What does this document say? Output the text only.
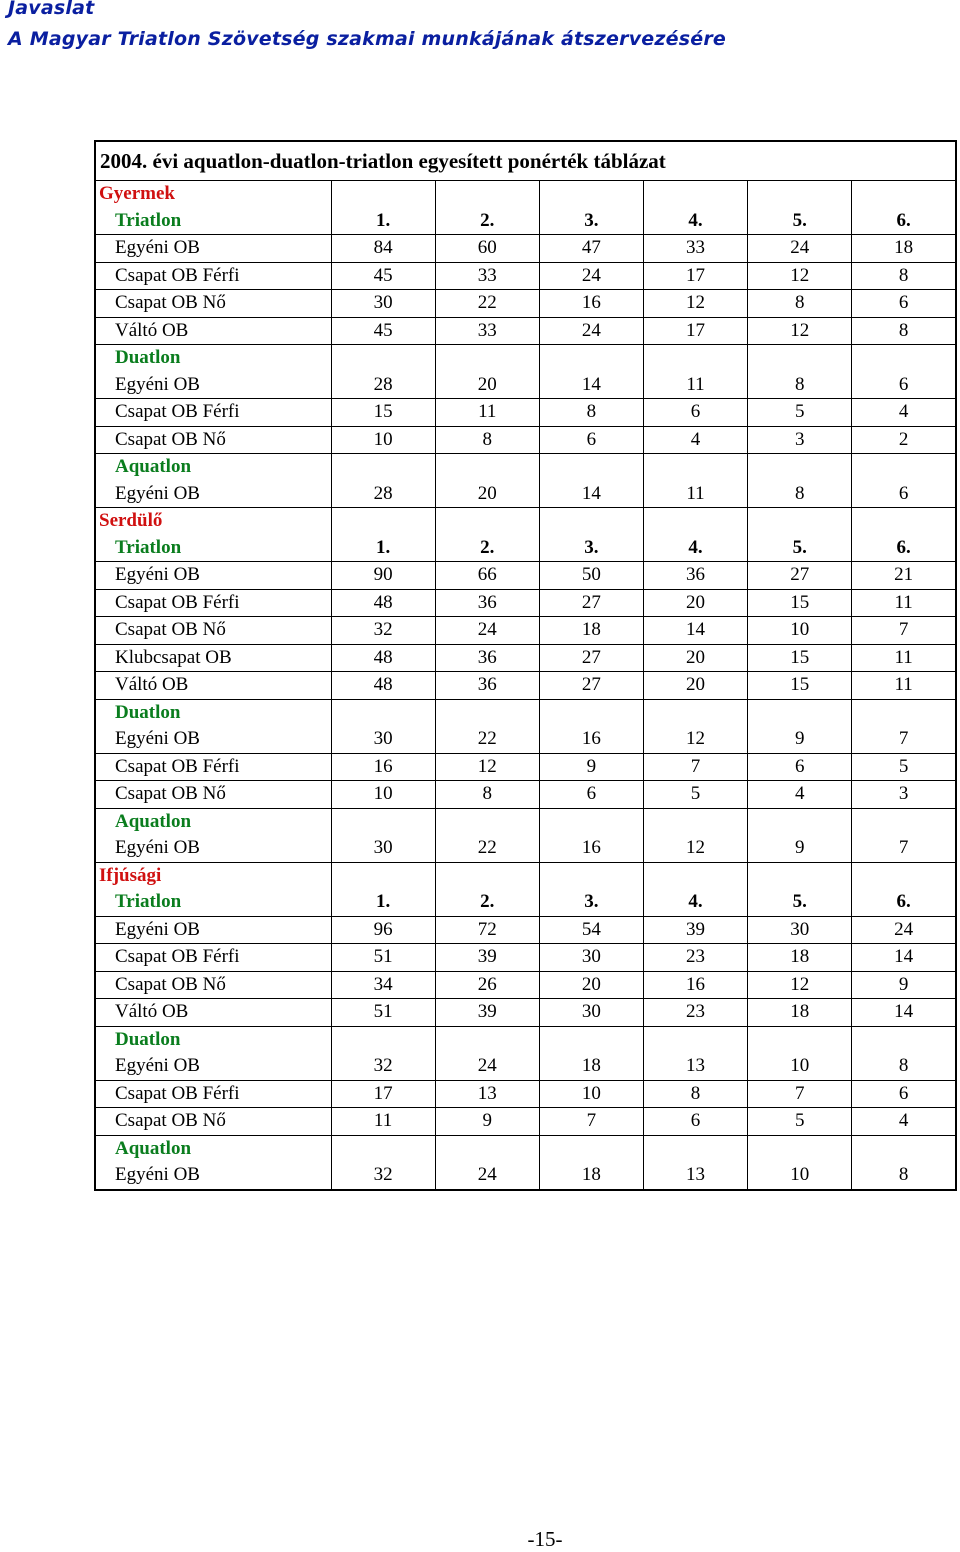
Javaslat
A Magyar Triatlon Szövetség szakmai munkájának átszervezésére
2004. évi aquatlon-duatlon-triatlon egyesített ponérték táblázat						
Gyermek						
Triatlon	1.	2.	3.	4.	5.	6.
Egyéni OB	84	60	47	33	24	18
Csapat OB Férfi	45	33	24	17	12	8
Csapat OB Nő	30	22	16	12	8	6
Váltó OB	45	33	24	17	12	8
Duatlon						
Egyéni OB	28	20	14	11	8	6
Csapat OB Férfi	15	11	8	6	5	4
Csapat OB Nő	10	8	6	4	3	2
Aquatlon						
Egyéni OB	28	20	14	11	8	6
Serdülő						
Triatlon	1.	2.	3.	4.	5.	6.
Egyéni OB	90	66	50	36	27	21
Csapat OB Férfi	48	36	27	20	15	11
Csapat OB Nő	32	24	18	14	10	7
Klubcsapat OB	48	36	27	20	15	11
Váltó OB	48	36	27	20	15	11
Duatlon						
Egyéni OB	30	22	16	12	9	7
Csapat OB Férfi	16	12	9	7	6	5
Csapat OB Nő	10	8	6	5	4	3
Aquatlon						
Egyéni OB	30	22	16	12	9	7
Ifjúsági						
Triatlon	1.	2.	3.	4.	5.	6.
Egyéni OB	96	72	54	39	30	24
Csapat OB Férfi	51	39	30	23	18	14
Csapat OB Nő	34	26	20	16	12	9
Váltó OB	51	39	30	23	18	14
Duatlon						
Egyéni OB	32	24	18	13	10	8
Csapat OB Férfi	17	13	10	8	7	6
Csapat OB Nő	11	9	7	6	5	4
Aquatlon						
Egyéni OB	32	24	18	13	10	8
-15-
